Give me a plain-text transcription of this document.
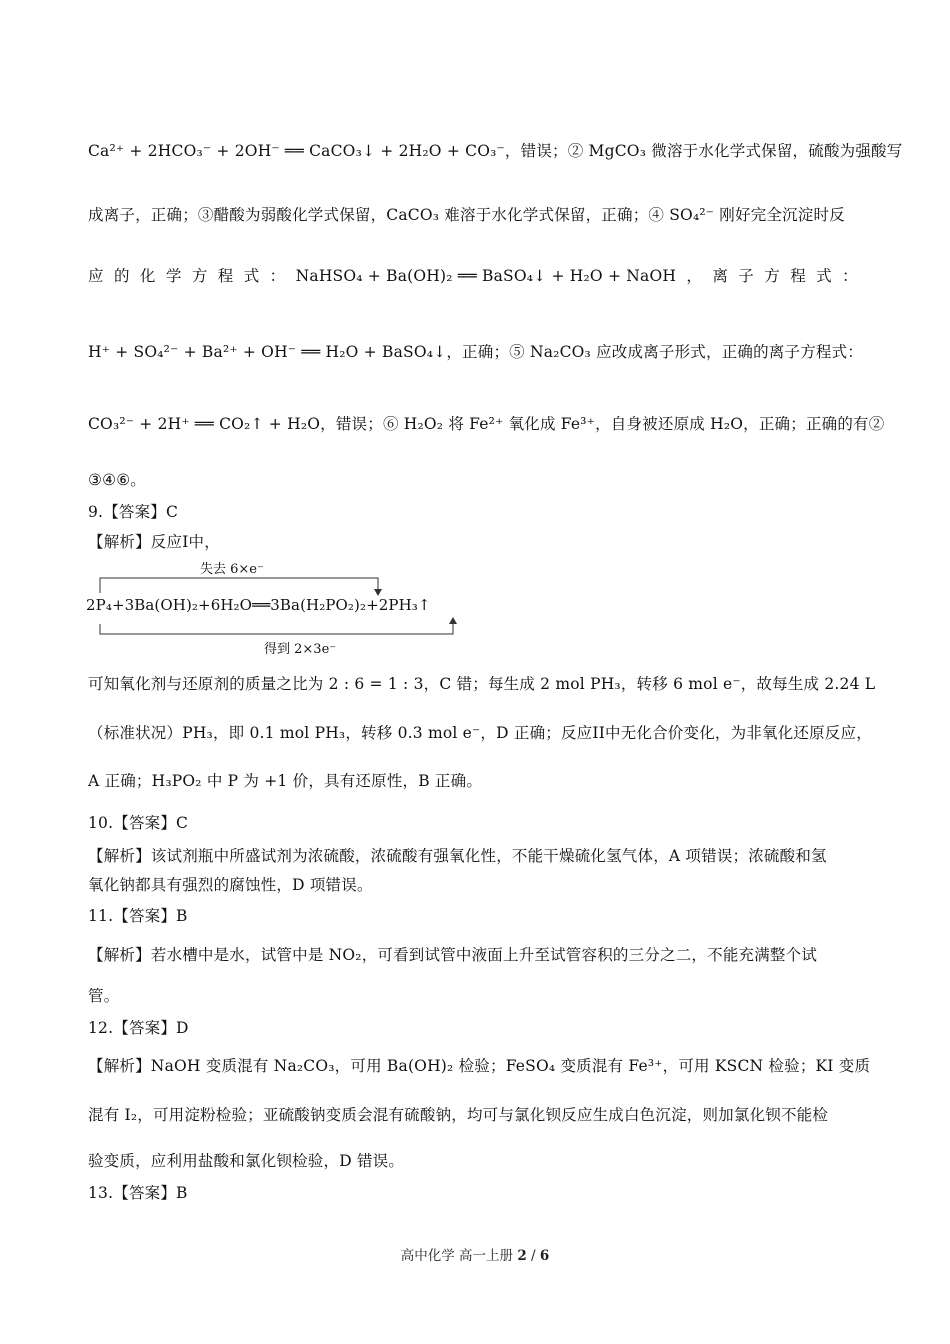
Ca²⁺ + 2HCO₃⁻ + 2OH⁻ ══ CaCO₃↓ + 2H₂O + CO₃⁻，错误；② MgCO₃ 微溶于水化学式保留，硫酸为强酸写
成离子，正确；③醋酸为弱酸化学式保留，CaCO₃ 难溶于水化学式保留，正确；④ SO₄²⁻ 刚好完全沉淀时反
应 的 化 学 方 程 式 ： NaHSO₄ + Ba(OH)₂ ══ BaSO₄↓ + H₂O + NaOH ， 离 子 方 程 式 ：
H⁺ + SO₄²⁻ + Ba²⁺ + OH⁻ ══ H₂O + BaSO₄↓，正确；⑤ Na₂CO₃ 应改成离子形式，正确的离子方程式：
CO₃²⁻ + 2H⁺ ══ CO₂↑ + H₂O，错误；⑥ H₂O₂ 将 Fe²⁺ 氧化成 Fe³⁺，自身被还原成 H₂O，正确；正确的有②
③④⑥。
9.【答案】C
【解析】反应I中，
失去 6×e⁻
2P₄+3Ba(OH)₂+6H₂O══3Ba(H₂PO₂)₂+2PH₃↑
得到 2×3e⁻
可知氧化剂与还原剂的质量之比为 2 : 6 = 1 : 3，C 错；每生成 2 mol PH₃，转移 6 mol e⁻，故每生成 2.24 L
（标准状况）PH₃，即 0.1 mol PH₃，转移 0.3 mol e⁻，D 正确；反应II中无化合价变化，为非氧化还原反应，
A 正确；H₃PO₂ 中 P 为 +1 价，具有还原性，B 正确。
10.【答案】C
【解析】该试剂瓶中所盛试剂为浓硫酸，浓硫酸有强氧化性，不能干燥硫化氢气体，A 项错误；浓硫酸和氢
氧化钠都具有强烈的腐蚀性，D 项错误。
11.【答案】B
【解析】若水槽中是水，试管中是 NO₂，可看到试管中液面上升至试管容积的三分之二，不能充满整个试
管。
12.【答案】D
【解析】NaOH 变质混有 Na₂CO₃，可用 Ba(OH)₂ 检验；FeSO₄ 变质混有 Fe³⁺，可用 KSCN 检验；KI 变质
混有 I₂，可用淀粉检验；亚硫酸钠变质会混有硫酸钠，均可与氯化钡反应生成白色沉淀，则加氯化钡不能检
验变质，应利用盐酸和氯化钡检验，D 错误。
13.【答案】B
高中化学 高一上册 2 / 6
